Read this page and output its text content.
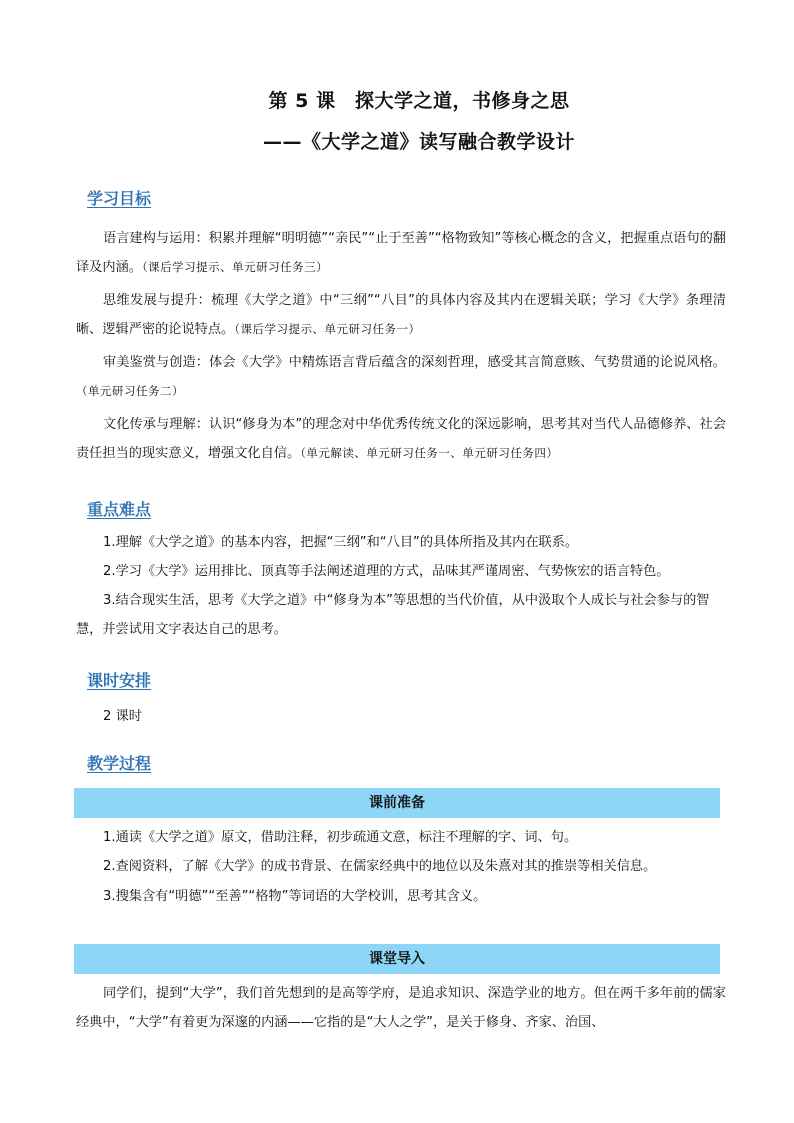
第 5 课　探大学之道，书修身之思
——《大学之道》读写融合教学设计
学习目标

语言建构与运用：积累并理解“明明德”“亲民”“止于至善”“格物致知”等核心概念的含义，把握重点语句的翻译及内涵。（课后学习提示、单元研习任务三）

思维发展与提升：梳理《大学之道》中“三纲”“八目”的具体内容及其内在逻辑关联；学习《大学》条理清晰、逻辑严密的论说特点。（课后学习提示、单元研习任务一）

审美鉴赏与创造：体会《大学》中精炼语言背后蕴含的深刻哲理，感受其言简意赅、气势贯通的论说风格。（单元研习任务二）

文化传承与理解：认识“修身为本”的理念对中华优秀传统文化的深远影响，思考其对当代人品德修养、社会责任担当的现实意义，增强文化自信。（单元解读、单元研习任务一、单元研习任务四）

重点难点

1.理解《大学之道》的基本内容，把握“三纲”和“八目”的具体所指及其内在联系。

2.学习《大学》运用排比、顶真等手法阐述道理的方式，品味其严谨周密、气势恢宏的语言特色。

3.结合现实生活，思考《大学之道》中“修身为本”等思想的当代价值，从中汲取个人成长与社会参与的智慧，并尝试用文字表达自己的思考。

课时安排

2 课时

教学过程
课前准备

1.通读《大学之道》原文，借助注释，初步疏通文意，标注不理解的字、词、句。

2.查阅资料，了解《大学》的成书背景、在儒家经典中的地位以及朱熹对其的推崇等相关信息。

3.搜集含有“明德”“至善”“格物”等词语的大学校训，思考其含义。

课堂导入

同学们，提到“大学”，我们首先想到的是高等学府，是追求知识、深造学业的地方。但在两千多年前的儒家经典中，“大学”有着更为深邃的内涵——它指的是“大人之学”，是关于修身、齐家、治国、
